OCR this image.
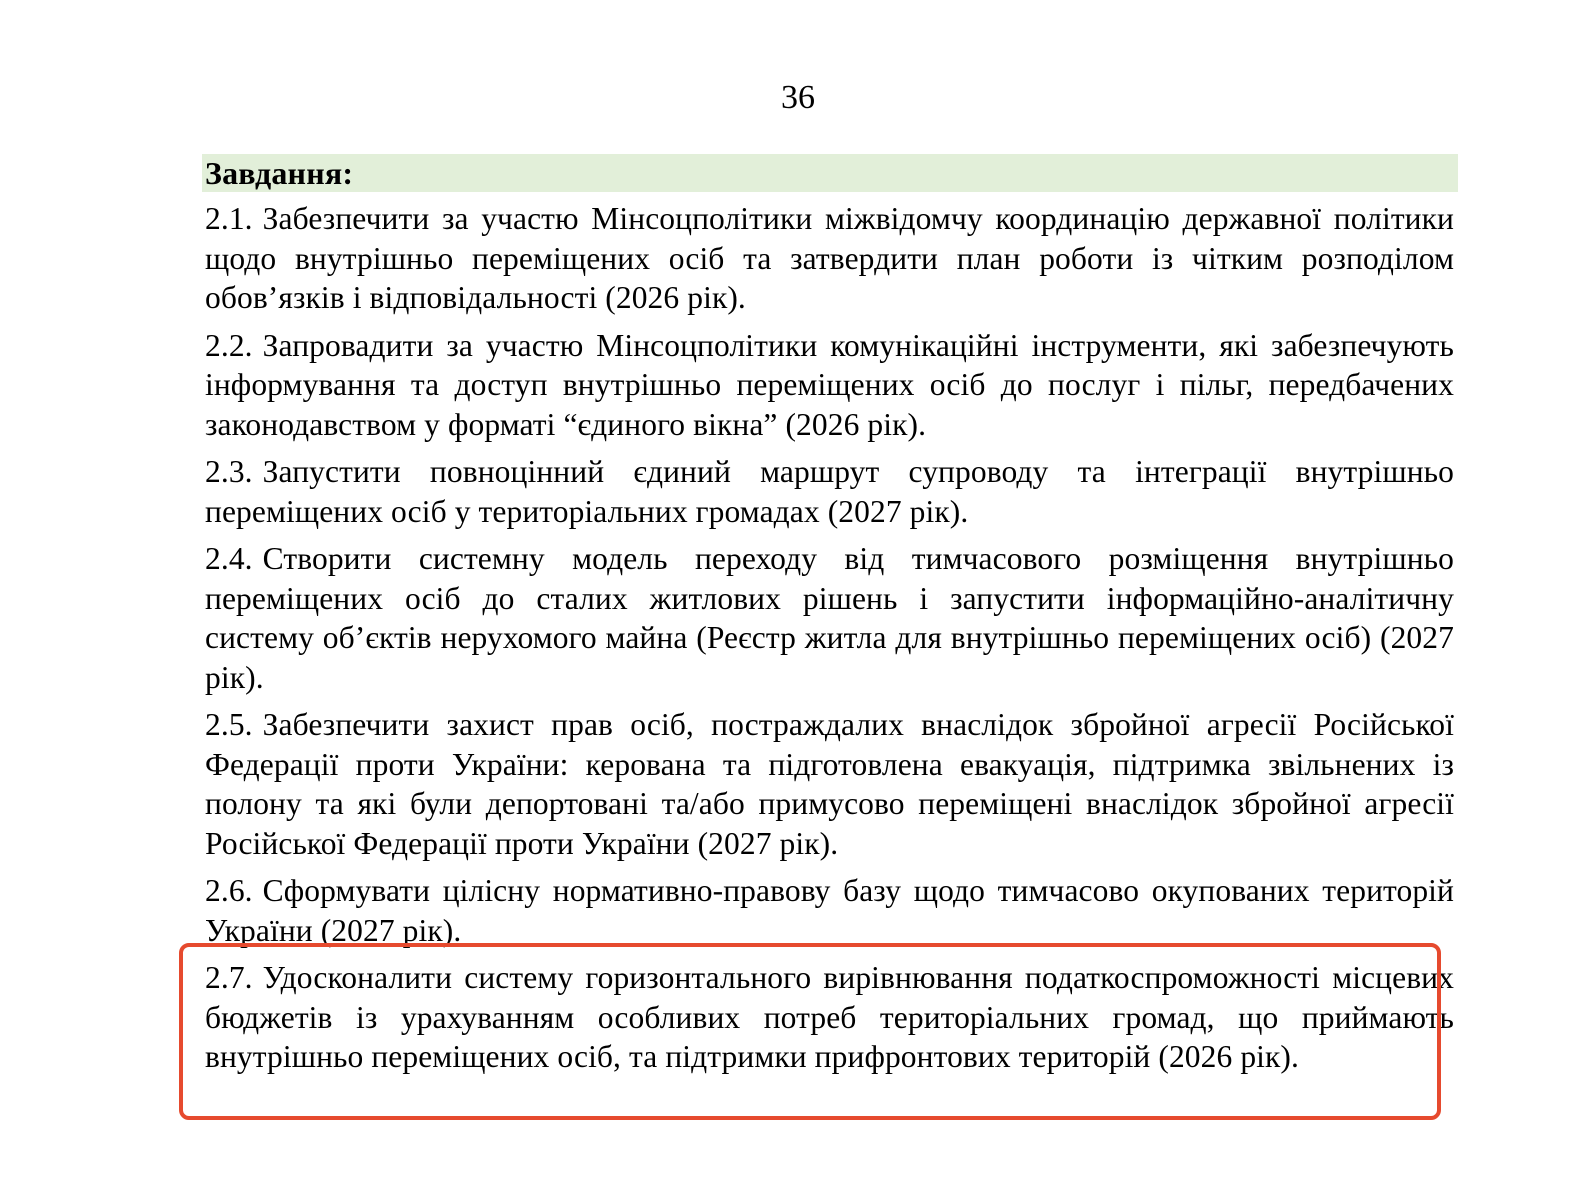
36
Завдання:
2.1. Забезпечити за участю Мінсоцполітики міжвідомчу координацію державної політики щодо внутрішньо переміщених осіб та затвердити план роботи із чітким розподілом обов’язків і відповідальності (2026 рік).
2.2. Запровадити за участю Мінсоцполітики комунікаційні інструменти, які забезпечують інформування та доступ внутрішньо переміщених осіб до послуг і пільг, передбачених законодавством у форматі “єдиного вікна” (2026 рік).
2.3. Запустити повноцінний єдиний маршрут супроводу та інтеграції внутрішньо переміщених осіб у територіальних громадах (2027 рік).
2.4. Створити системну модель переходу від тимчасового розміщення внутрішньо переміщених осіб до сталих житлових рішень і запустити інформаційно-аналітичну систему об’єктів нерухомого майна (Реєстр житла для внутрішньо переміщених осіб) (2027 рік).
2.5. Забезпечити захист прав осіб, постраждалих внаслідок збройної агресії Російської Федерації проти України: керована та підготовлена евакуація, підтримка звільнених із полону та які були депортовані та/або примусово переміщені внаслідок збройної агресії Російської Федерації проти України (2027 рік).
2.6. Сформувати цілісну нормативно-правову базу щодо тимчасово окупованих територій України (2027 рік).
2.7. Удосконалити систему горизонтального вирівнювання податкоспроможності місцевих бюджетів із урахуванням особливих потреб територіальних громад, що приймають внутрішньо переміщених осіб, та підтримки прифронтових територій (2026 рік).
